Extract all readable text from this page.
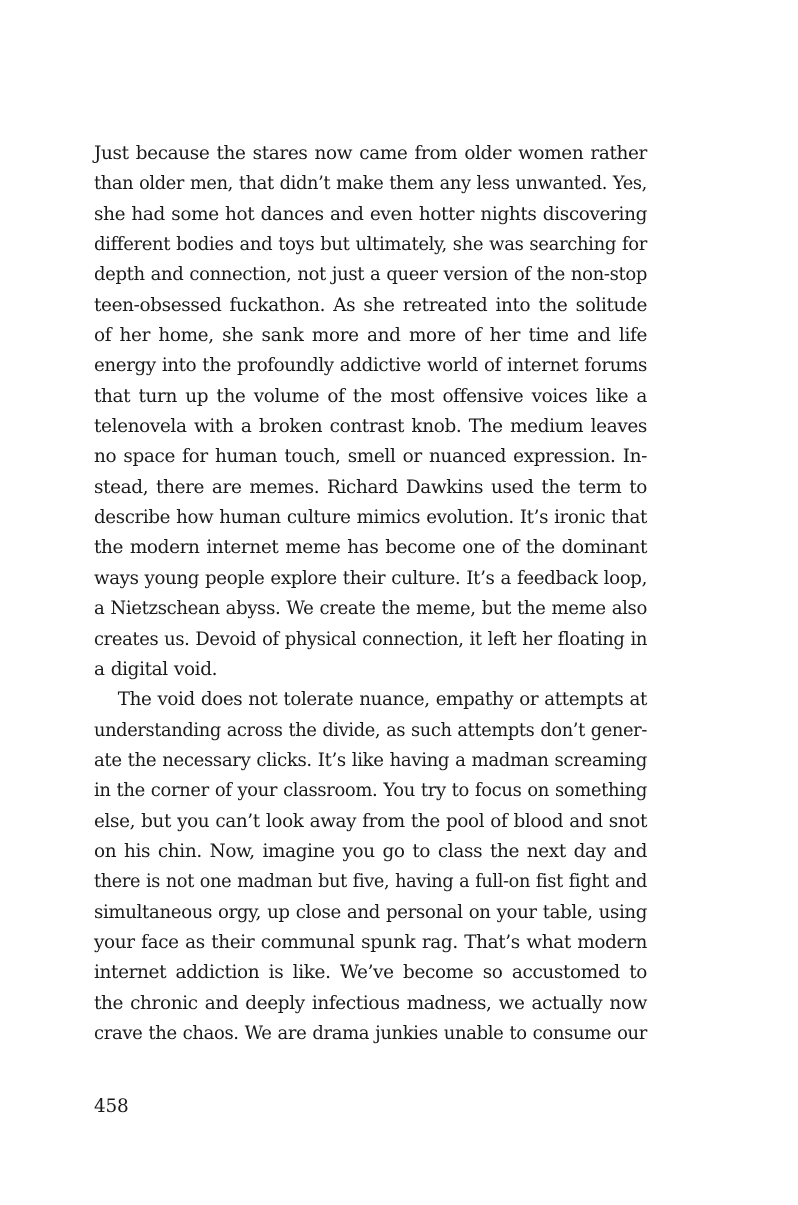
Just because the stares now came from older women rather
than older men, that didn’t make them any less unwanted. Yes,
she had some hot dances and even hotter nights discovering
different bodies and toys but ultimately, she was searching for
depth and connection, not just a queer version of the non-stop
teen-obsessed fuckathon. As she retreated into the solitude
of her home, she sank more and more of her time and life
energy into the profoundly addictive world of internet forums
that turn up the volume of the most offensive voices like a
telenovela with a broken contrast knob. The medium leaves
no space for human touch, smell or nuanced expression. In-
stead, there are memes. Richard Dawkins used the term to
describe how human culture mimics evolution. It’s ironic that
the modern internet meme has become one of the dominant
ways young people explore their culture. It’s a feedback loop,
a Nietzschean abyss. We create the meme, but the meme also
creates us. Devoid of physical connection, it left her floating in
a digital void.
The void does not tolerate nuance, empathy or attempts at
understanding across the divide, as such attempts don’t gener-
ate the necessary clicks. It’s like having a madman screaming
in the corner of your classroom. You try to focus on something
else, but you can’t look away from the pool of blood and snot
on his chin. Now, imagine you go to class the next day and
there is not one madman but five, having a full-on fist fight and
simultaneous orgy, up close and personal on your table, using
your face as their communal spunk rag. That’s what modern
internet addiction is like. We’ve become so accustomed to
the chronic and deeply infectious madness, we actually now
crave the chaos. We are drama junkies unable to consume our
458
